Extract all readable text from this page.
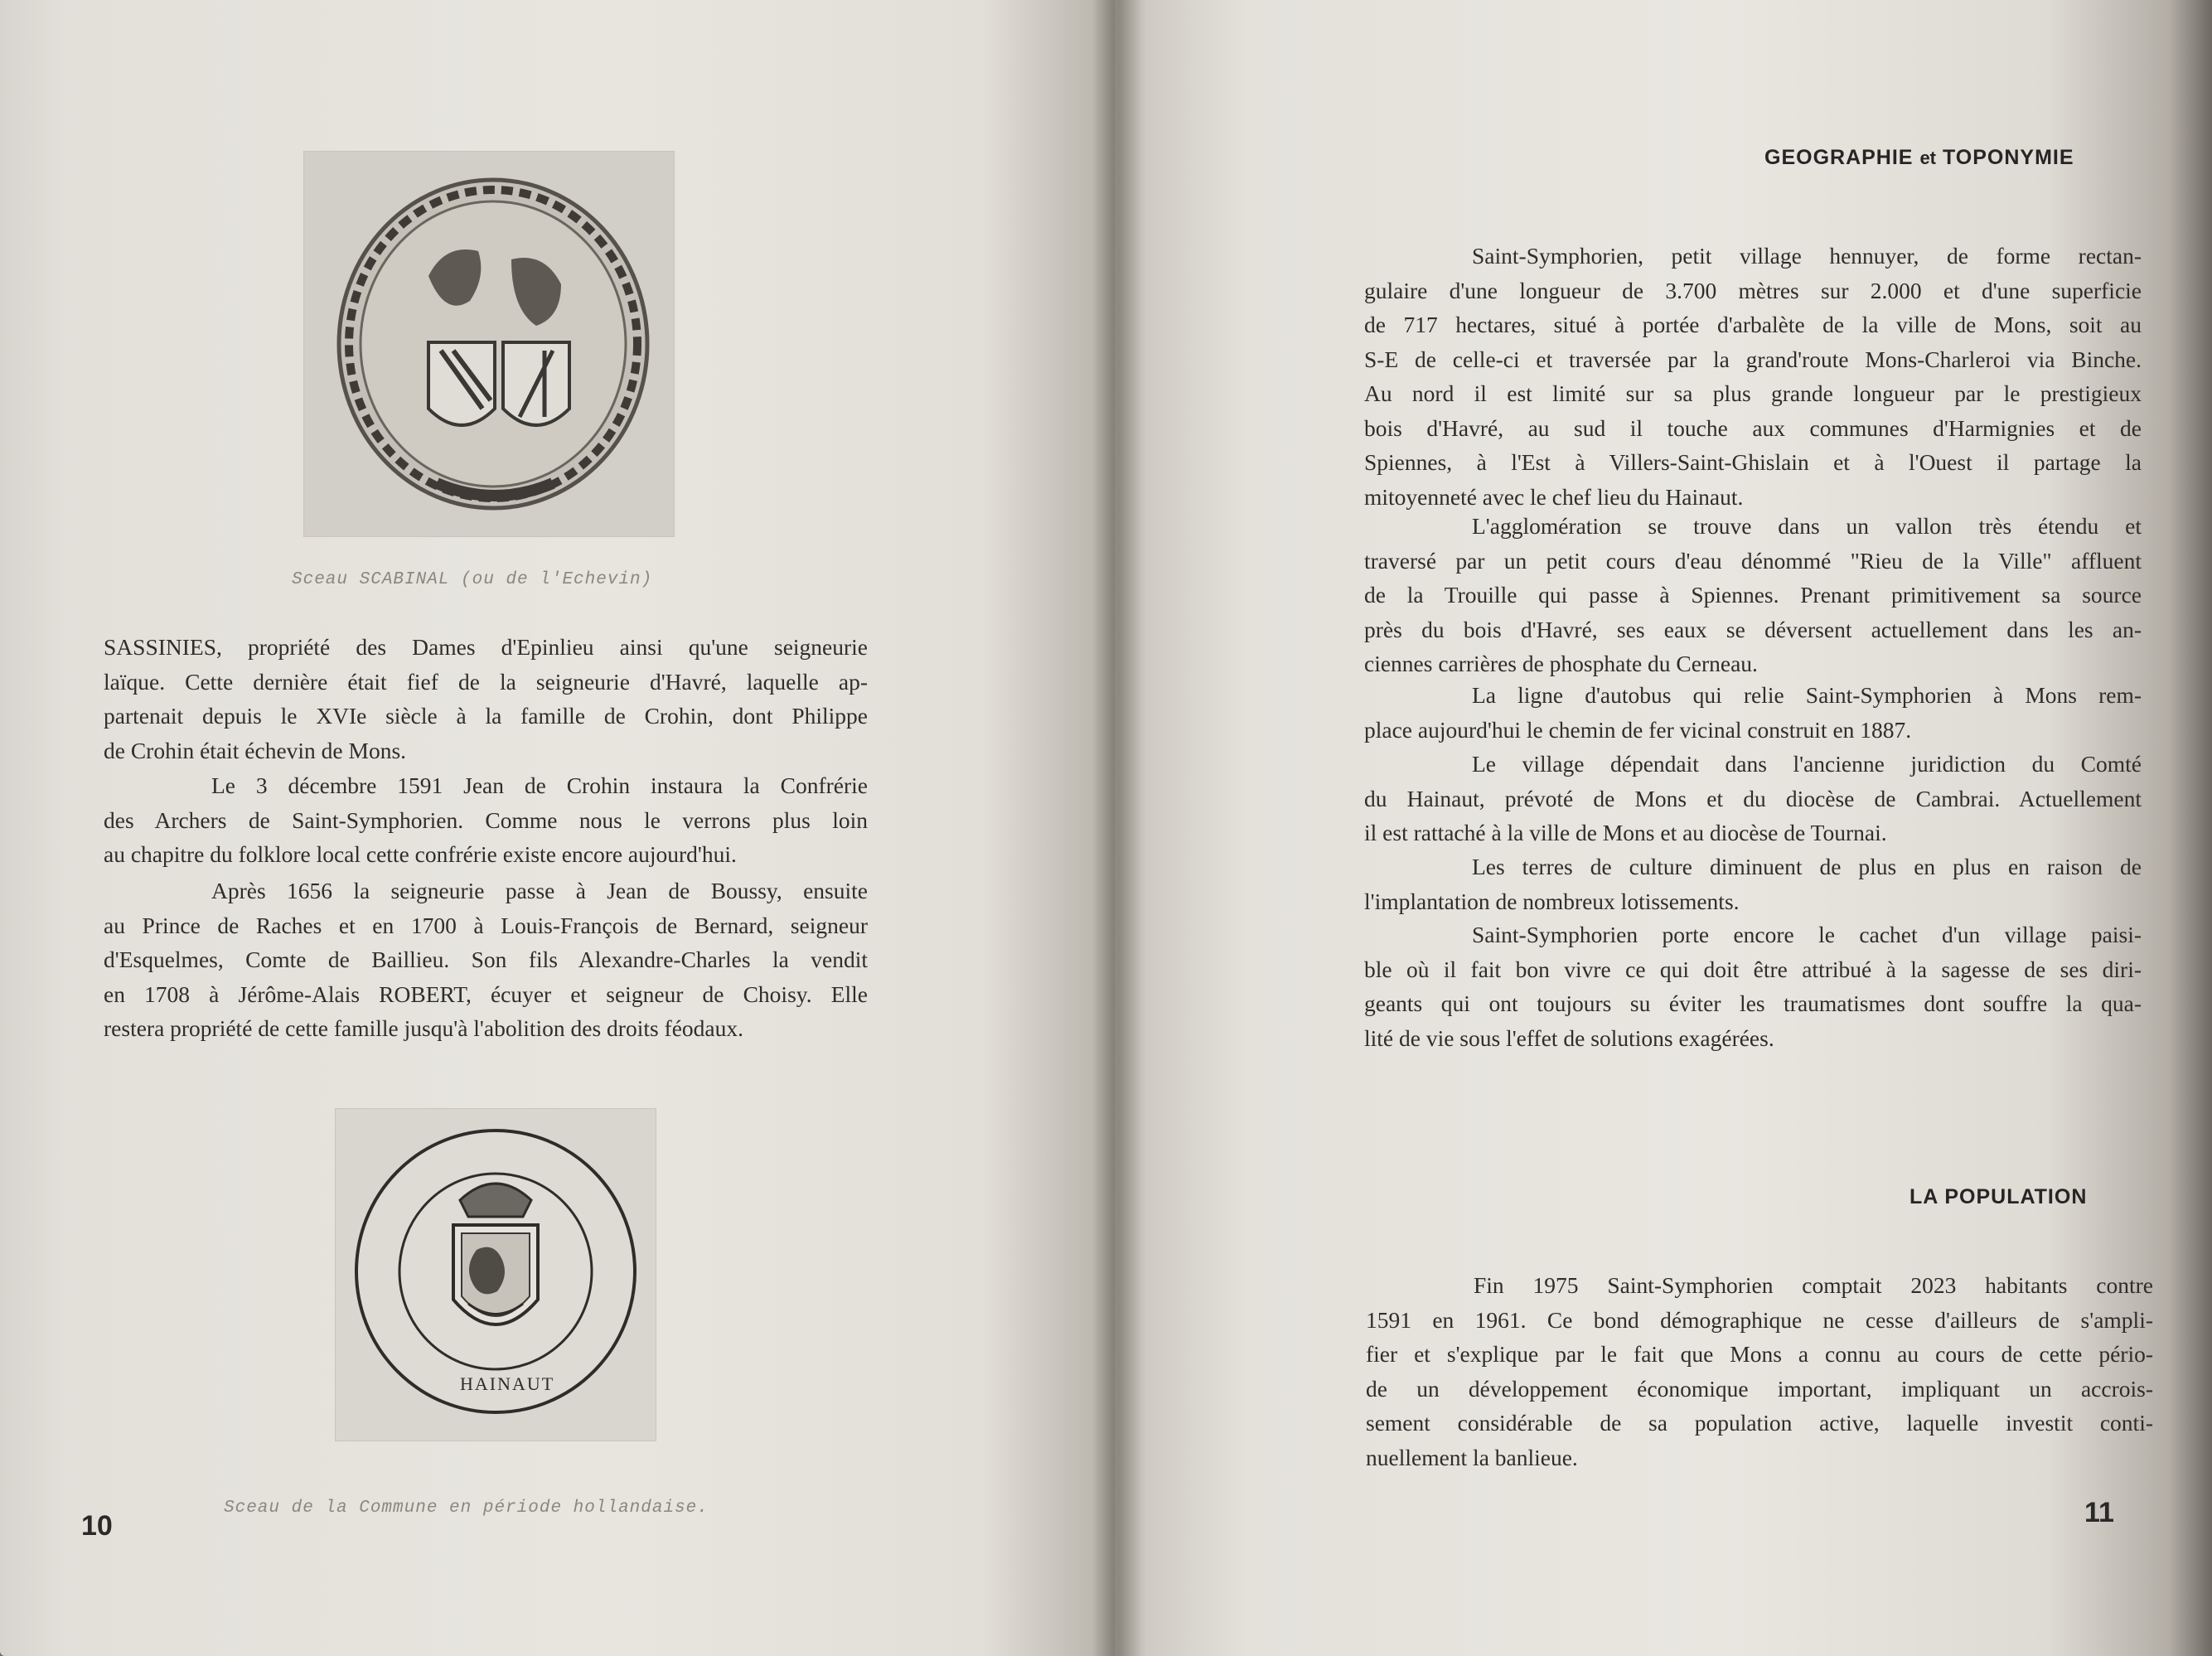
Sceau SCABINAL (ou de l'Echevin)
SASSINIES, propriété des Dames d'Epinlieu ainsi qu'une seigneurie
laïque. Cette dernière était fief de la seigneurie d'Havré, laquelle ap-
partenait depuis le XVIe siècle à la famille de Crohin, dont Philippe
de Crohin était échevin de Mons.
Le 3 décembre 1591 Jean de Crohin instaura la Confrérie
des Archers de Saint-Symphorien. Comme nous le verrons plus loin
au chapitre du folklore local cette confrérie existe encore aujourd'hui.
Après 1656 la seigneurie passe à Jean de Boussy, ensuite
au Prince de Raches et en 1700 à Louis-François de Bernard, seigneur
d'Esquelmes, Comte de Baillieu. Son fils Alexandre-Charles la vendit
en 1708 à Jérôme-Alais ROBERT, écuyer et seigneur de Choisy. Elle
restera propriété de cette famille jusqu'à l'abolition des droits féodaux.
HAINAUT
Sceau de la Commune en période hollandaise.
10
GEOGRAPHIE et TOPONYMIE
Saint-Symphorien, petit village hennuyer, de forme rectan-
gulaire d'une longueur de 3.700 mètres sur 2.000 et d'une superficie
de 717 hectares, situé à portée d'arbalète de la ville de Mons, soit au
S-E de celle-ci et traversée par la grand'route Mons-Charleroi via Binche.
Au nord il est limité sur sa plus grande longueur par le prestigieux
bois d'Havré, au sud il touche aux communes d'Harmignies et de
Spiennes, à l'Est à Villers-Saint-Ghislain et à l'Ouest il partage la
mitoyenneté avec le chef lieu du Hainaut.
L'agglomération se trouve dans un vallon très étendu et
traversé par un petit cours d'eau dénommé "Rieu de la Ville" affluent
de la Trouille qui passe à Spiennes. Prenant primitivement sa source
près du bois d'Havré, ses eaux se déversent actuellement dans les an-
ciennes carrières de phosphate du Cerneau.
La ligne d'autobus qui relie Saint-Symphorien à Mons rem-
place aujourd'hui le chemin de fer vicinal construit en 1887.
Le village dépendait dans l'ancienne juridiction du Comté
du Hainaut, prévoté de Mons et du diocèse de Cambrai. Actuellement
il est rattaché à la ville de Mons et au diocèse de Tournai.
Les terres de culture diminuent de plus en plus en raison de
l'implantation de nombreux lotissements.
Saint-Symphorien porte encore le cachet d'un village paisi-
ble où il fait bon vivre ce qui doit être attribué à la sagesse de ses diri-
geants qui ont toujours su éviter les traumatismes dont souffre la qua-
lité de vie sous l'effet de solutions exagérées.
LA POPULATION
Fin 1975 Saint-Symphorien comptait 2023 habitants contre
1591 en 1961. Ce bond démographique ne cesse d'ailleurs de s'ampli-
fier et s'explique par le fait que Mons a connu au cours de cette pério-
de un développement économique important, impliquant un accrois-
sement considérable de sa population active, laquelle investit conti-
nuellement la banlieue.
11
